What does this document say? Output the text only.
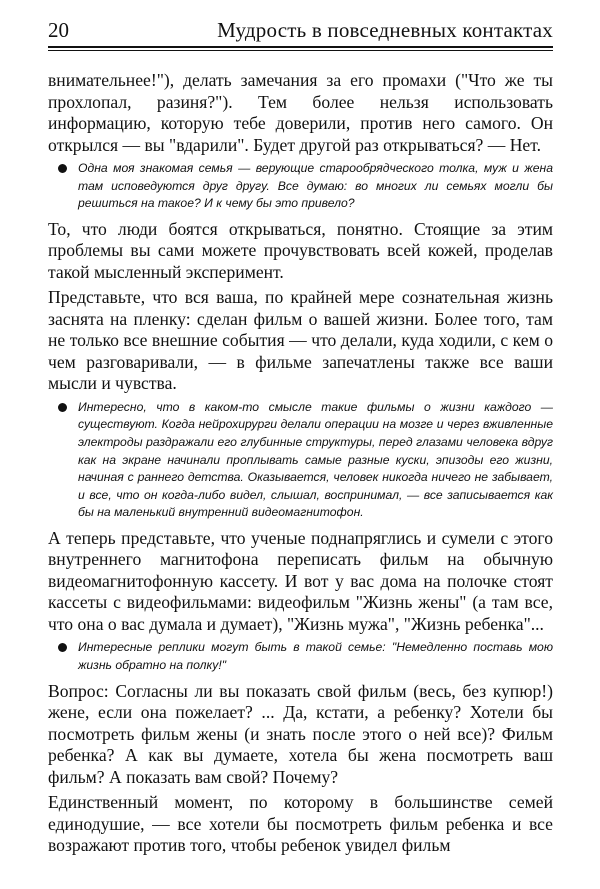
20	Мудрость в повседневных контактах

внимательнее!"), делать замечания за его промахи ("Что же ты прохлопал, разиня?"). Тем более нельзя использовать информацию, которую тебе доверили, против него самого. Он открылся — вы "вдарили". Будет другой раз открываться? — Нет.

Одна моя знакомая семья — верующие старообрядческого толка, муж и жена там исповедуются друг другу. Все думаю: во многих ли семьях могли бы решиться на такое? И к чему бы это привело?

То, что люди боятся открываться, понятно. Стоящие за этим проблемы вы сами можете прочувствовать всей кожей, проделав такой мысленный эксперимент.

Представьте, что вся ваша, по крайней мере сознательная жизнь заснята на пленку: сделан фильм о вашей жизни. Более того, там не только все внешние события — что делали, куда ходили, с кем о чем разговаривали, — в фильме запечатлены также все ваши мысли и чувства.

Интересно, что в каком-то смысле такие фильмы о жизни каждого — существуют. Когда нейрохирурги делали операции на мозге и через вживленные электроды раздражали его глубинные структуры, перед глазами человека вдруг как на экране начинали проплывать самые разные куски, эпизоды его жизни, начиная с раннего детства. Оказывается, человек никогда ничего не забывает, и все, что он когда-либо видел, слышал, воспринимал, — все записывается как бы на маленький внутренний видеомагнитофон.

А теперь представьте, что ученые поднапряглись и сумели с этого внутреннего магнитофона переписать фильм на обычную видеомагнитофонную кассету. И вот у вас дома на полочке стоят кассеты с видеофильмами: видеофильм "Жизнь жены" (а там все, что она о вас думала и думает), "Жизнь мужа", "Жизнь ребенка"...

Интересные реплики могут быть в такой семье: "Немедленно поставь мою жизнь обратно на полку!"

Вопрос: Согласны ли вы показать свой фильм (весь, без купюр!) жене, если она пожелает? ... Да, кстати, а ребенку? Хотели бы посмотреть фильм жены (и знать после этого о ней все)? Фильм ребенка? А как вы думаете, хотела бы жена посмотреть ваш фильм? А показать вам свой? Почему?

Единственный момент, по которому в большинстве семей единодушие, — все хотели бы посмотреть фильм ребенка и все возражают против того, чтобы ребенок увидел фильм
